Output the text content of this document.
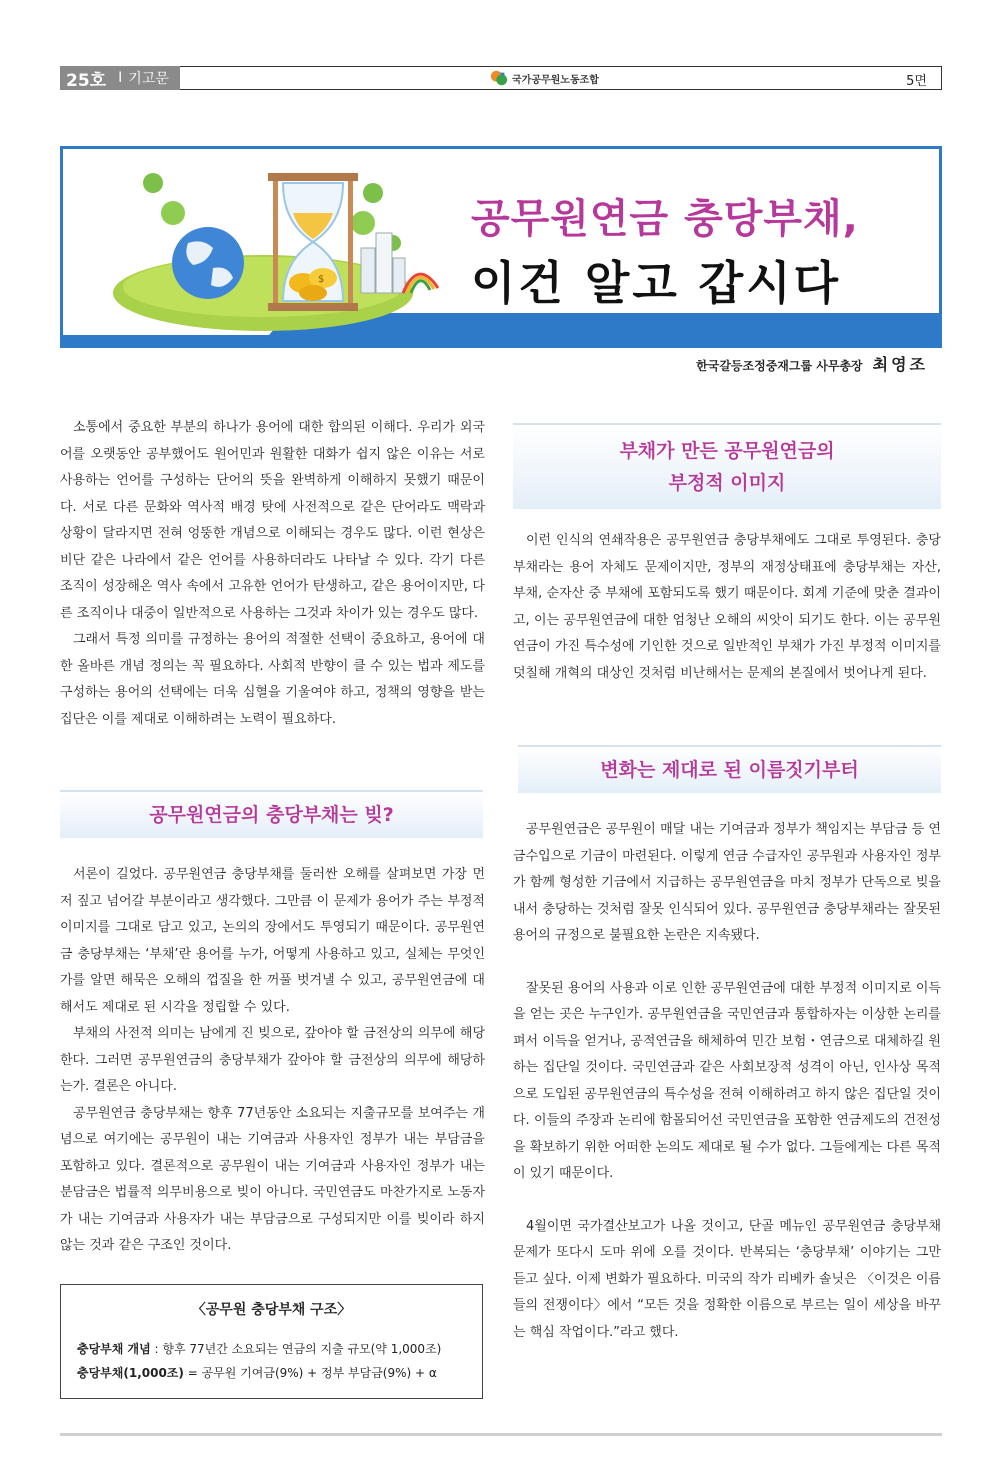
25호 I 기고문	국가공무원노동조합	5면
$
공무원연금 충당부채,
이건 알고 갑시다
한국갈등조정중재그룹 사무총장 최영조

소통에서 중요한 부분의 하나가 용어에 대한 합의된 이해다. 우리가 외국어를 오랫동안 공부했어도 원어민과 원활한 대화가 쉽지 않은 이유는 서로 사용하는 언어를 구성하는 단어의 뜻을 완벽하게 이해하지 못했기 때문이다. 서로 다른 문화와 역사적 배경 탓에 사전적으로 같은 단어라도 맥락과 상황이 달라지면 전혀 엉뚱한 개념으로 이해되는 경우도 많다. 이런 현상은 비단 같은 나라에서 같은 언어를 사용하더라도 나타날 수 있다. 각기 다른 조직이 성장해온 역사 속에서 고유한 언어가 탄생하고, 같은 용어이지만, 다른 조직이나 대중이 일반적으로 사용하는 그것과 차이가 있는 경우도 많다.

그래서 특정 의미를 규정하는 용어의 적절한 선택이 중요하고, 용어에 대한 올바른 개념 정의는 꼭 필요하다. 사회적 반향이 클 수 있는 법과 제도를 구성하는 용어의 선택에는 더욱 심혈을 기울여야 하고, 정책의 영향을 받는 집단은 이를 제대로 이해하려는 노력이 필요하다.

공무원연금의 충당부채는 빚?

서론이 길었다. 공무원연금 충당부채를 둘러싼 오해를 살펴보면 가장 먼저 짚고 넘어갈 부분이라고 생각했다. 그만큼 이 문제가 용어가 주는 부정적 이미지를 그대로 담고 있고, 논의의 장에서도 투영되기 때문이다. 공무원연금 충당부채는 ‘부채’란 용어를 누가, 어떻게 사용하고 있고, 실체는 무엇인가를 알면 해묵은 오해의 껍질을 한 꺼풀 벗겨낼 수 있고, 공무원연금에 대해서도 제대로 된 시각을 정립할 수 있다.

부채의 사전적 의미는 남에게 진 빚으로, 갚아야 할 금전상의 의무에 해당한다. 그러면 공무원연금의 충당부채가 갚아야 할 금전상의 의무에 해당하는가. 결론은 아니다.

공무원연금 충당부채는 향후 77년동안 소요되는 지출규모를 보여주는 개념으로 여기에는 공무원이 내는 기여금과 사용자인 정부가 내는 부담금을 포함하고 있다. 결론적으로 공무원이 내는 기여금과 사용자인 정부가 내는 분담금은 법률적 의무비용으로 빚이 아니다. 국민연금도 마찬가지로 노동자가 내는 기여금과 사용자가 내는 부담금으로 구성되지만 이를 빚이라 하지 않는 것과 같은 구조인 것이다.

〈공무원 충당부채 구조〉
충당부채 개념 : 향후 77년간 소요되는 연금의 지출 규모(약 1,000조)
충당부채(1,000조) = 공무원 기여금(9%) + 정부 부담금(9%) + α
부채가 만든 공무원연금의
부정적 이미지

이런 인식의 연쇄작용은 공무원연금 충당부채에도 그대로 투영된다. 충당부채라는 용어 자체도 문제이지만, 정부의 재정상태표에 충당부채는 자산, 부채, 순자산 중 부채에 포함되도록 했기 때문이다. 회계 기준에 맞춘 결과이고, 이는 공무원연금에 대한 엄청난 오해의 씨앗이 되기도 한다. 이는 공무원연금이 가진 특수성에 기인한 것으로 일반적인 부채가 가진 부정적 이미지를 덧칠해 개혁의 대상인 것처럼 비난해서는 문제의 본질에서 벗어나게 된다.

변화는 제대로 된 이름짓기부터

공무원연금은 공무원이 매달 내는 기여금과 정부가 책임지는 부담금 등 연금수입으로 기금이 마련된다. 이렇게 연금 수급자인 공무원과 사용자인 정부가 함께 형성한 기금에서 지급하는 공무원연금을 마치 정부가 단독으로 빚을 내서 충당하는 것처럼 잘못 인식되어 있다. 공무원연금 충당부채라는 잘못된 용어의 규정으로 불필요한 논란은 지속됐다.

잘못된 용어의 사용과 이로 인한 공무원연금에 대한 부정적 이미지로 이득을 얻는 곳은 누구인가. 공무원연금을 국민연금과 통합하자는 이상한 논리를 펴서 이득을 얻거나, 공적연금을 해체하여 민간 보험・연금으로 대체하길 원하는 집단일 것이다. 국민연금과 같은 사회보장적 성격이 아닌, 인사상 목적으로 도입된 공무원연금의 특수성을 전혀 이해하려고 하지 않은 집단일 것이다. 이들의 주장과 논리에 함몰되어선 국민연금을 포함한 연금제도의 건전성을 확보하기 위한 어떠한 논의도 제대로 될 수가 없다. 그들에게는 다른 목적이 있기 때문이다.

4월이면 국가결산보고가 나올 것이고, 단골 메뉴인 공무원연금 충당부채 문제가 또다시 도마 위에 오를 것이다. 반복되는 ‘충당부채’ 이야기는 그만 듣고 싶다. 이제 변화가 필요하다. 미국의 작가 리베카 솔닛은 〈이것은 이름들의 전쟁이다〉에서 “모든 것을 정확한 이름으로 부르는 일이 세상을 바꾸는 핵심 작업이다.”라고 했다.
